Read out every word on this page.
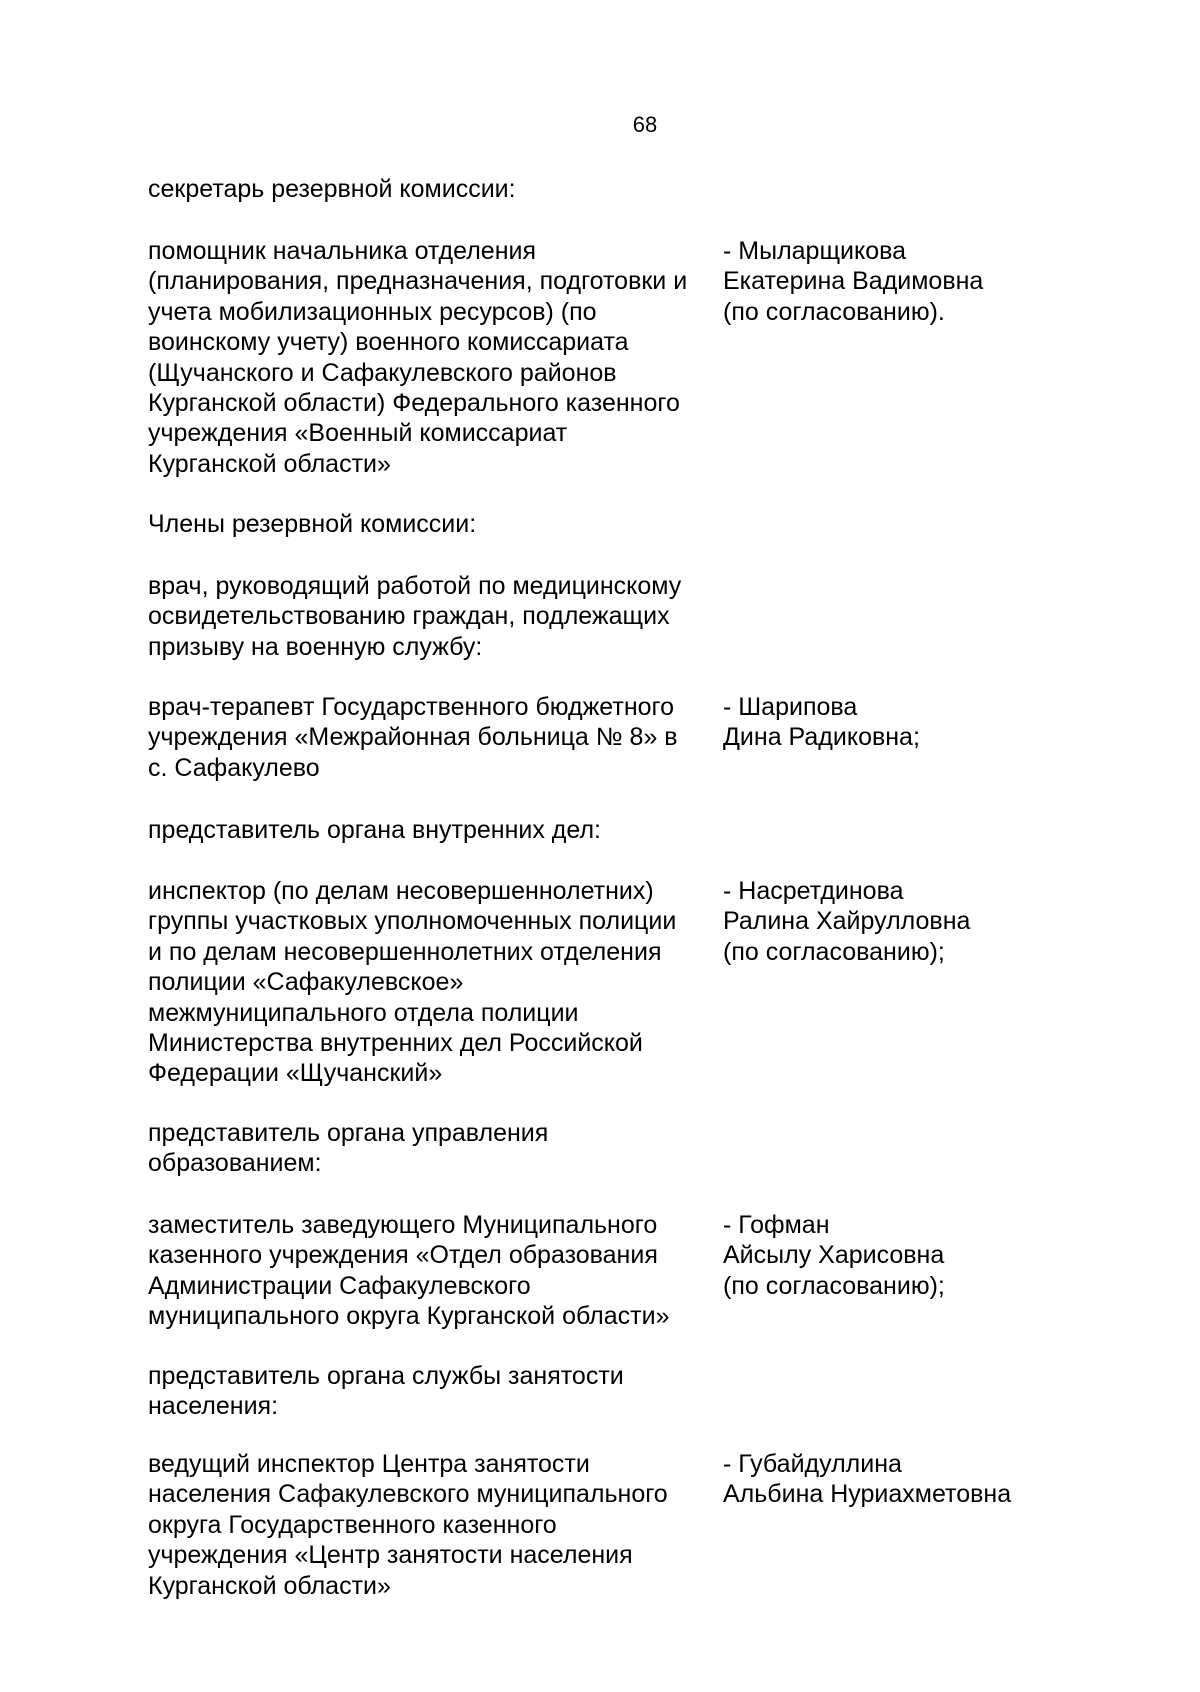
68

секретарь резервной комиссии:

помощник начальника отделения
(планирования, предназначения, подготовки и
учета мобилизационных ресурсов) (по
воинскому учету) военного комиссариата
(Щучанского и Сафакулевского районов
Курганской области) Федерального казенного
учреждения «Военный комиссариат
Курганской области»

- Мыларщикова
Екатерина Вадимовна
(по согласованию).

Члены резервной комиссии:

врач, руководящий работой по медицинскому
освидетельствованию граждан, подлежащих
призыву на военную службу:

врач-терапевт Государственного бюджетного
учреждения «Межрайонная больница № 8» в
с. Сафакулево

- Шарипова
Дина Радиковна;

представитель органа внутренних дел:

инспектор (по делам несовершеннолетних)
группы участковых уполномоченных полиции
и по делам несовершеннолетних отделения
полиции «Сафакулевское»
межмуниципального отдела полиции
Министерства внутренних дел Российской
Федерации «Щучанский»

- Насретдинова
Ралина Хайрулловна
(по согласованию);

представитель органа управления
образованием:

заместитель заведующего Муниципального
казенного учреждения «Отдел образования
Администрации Сафакулевского
муниципального округа Курганской области»

- Гофман
Айсылу Харисовна
(по согласованию);

представитель органа службы занятости
населения:

ведущий инспектор Центра занятости
населения Сафакулевского муниципального
округа Государственного казенного
учреждения «Центр занятости населения
Курганской области»

- Губайдуллина
Альбина Нуриахметовна
